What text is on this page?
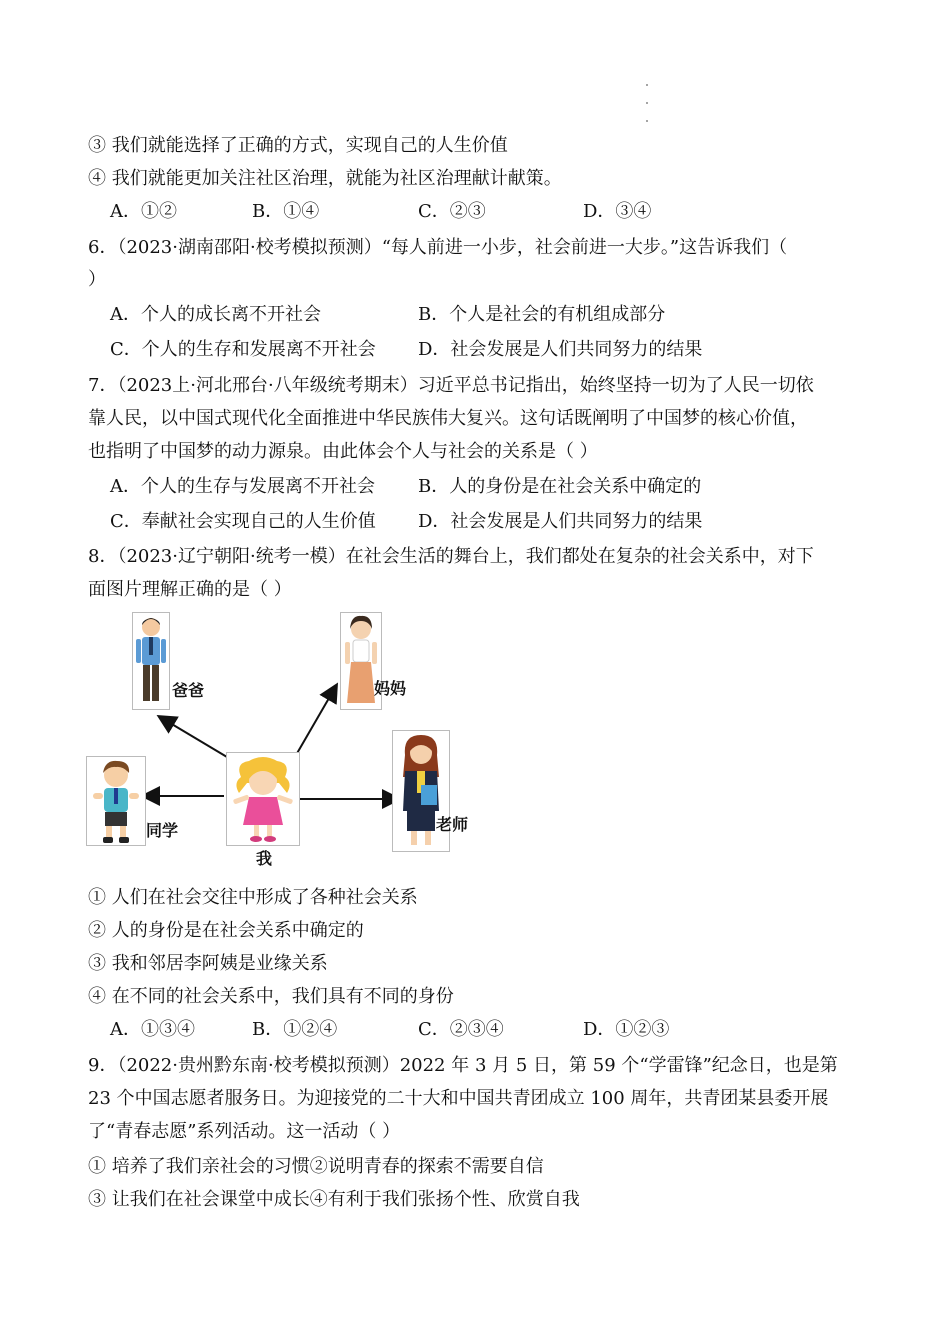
③ 我们就能选择了正确的方式，实现自己的人生价值
④ 我们就能更加关注社区治理，就能为社区治理献计献策。
A．①②	B．①④	C．②③	D．③④
6．（2023·湖南邵阳·校考模拟预测）“每人前进一小步，社会前进一大步。”这告诉我们（
）
A．个人的成长离不开社会	B．个人是社会的有机组成部分
C．个人的生存和发展离不开社会 D．社会发展是人们共同努力的结果
7．（2023上·河北邢台·八年级统考期末）习近平总书记指出，始终坚持一切为了人民一切依
靠人民，以中国式现代化全面推进中华民族伟大复兴。这句话既阐明了中国梦的核心价值，
也指明了中国梦的动力源泉。由此体会个人与社会的关系是（ ）
A．个人的生存与发展离不开社会 B．人的身份是在社会关系中确定的
C．奉献社会实现自己的人生价值 D．社会发展是人们共同努力的结果
8．（2023·辽宁朝阳·统考一模）在社会生活的舞台上，我们都处在复杂的社会关系中，对下
面图片理解正确的是（ ）
爸爸	妈妈
同学
我
老师
① 人们在社会交往中形成了各种社会关系
② 人的身份是在社会关系中确定的
③ 我和邻居李阿姨是业缘关系
④ 在不同的社会关系中，我们具有不同的身份
A．①③④	B．①②④	C．②③④	D．①②③
9．（2022·贵州黔东南·校考模拟预测）2022 年 3 月 5 日，第 59 个“学雷锋”纪念日，也是第
23 个中国志愿者服务日。为迎接党的二十大和中国共青团成立 100 周年，共青团某县委开展
了“青春志愿”系列活动。这一活动（ ）
① 培养了我们亲社会的习惯②说明青春的探索不需要自信
③ 让我们在社会课堂中成长④有利于我们张扬个性、欣赏自我
